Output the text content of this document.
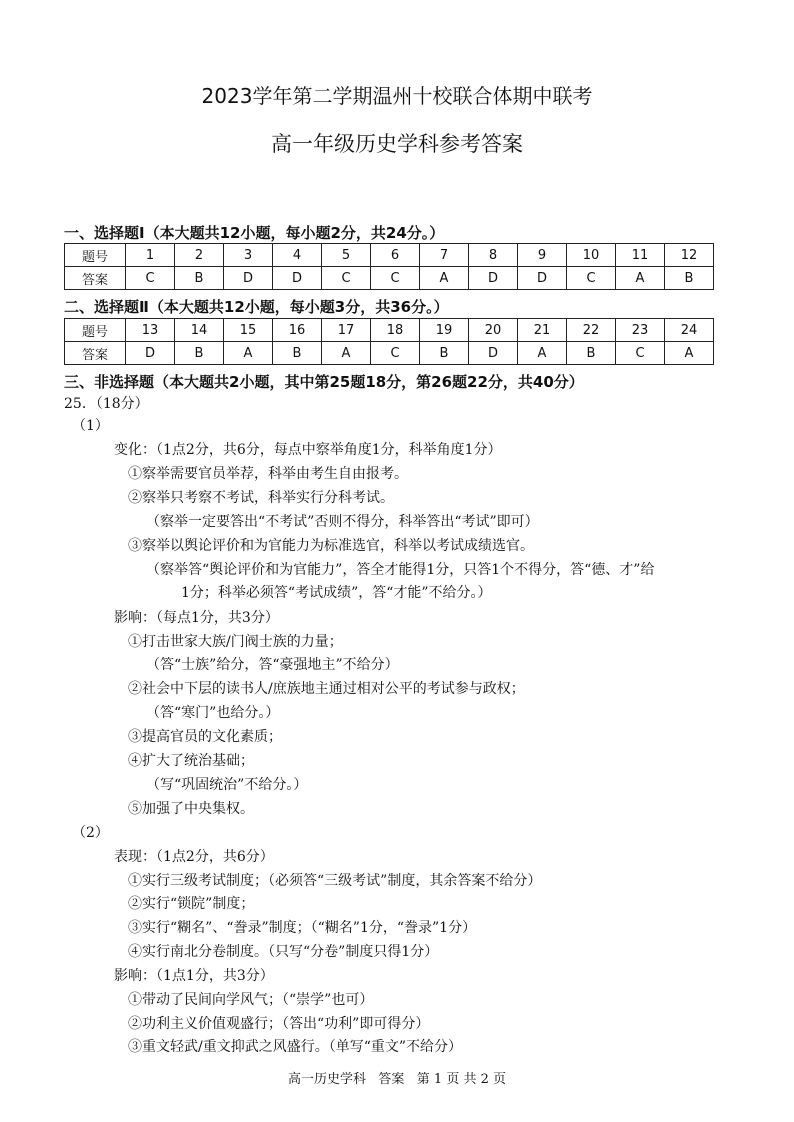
2023学年第二学期温州十校联合体期中联考
高一年级历史学科参考答案
一、选择题Ⅰ（本大题共12小题，每小题2分，共24分。）
题号	1	2	3	4	5	6	7	8	9	10	11	12
答案	C	B	D	D	C	C	A	D	D	C	A	B
二、选择题Ⅱ（本大题共12小题，每小题3分，共36分。）
题号	13	14	15	16	17	18	19	20	21	22	23	24
答案	D	B	A	B	A	C	B	D	A	B	C	A
三、非选择题（本大题共2小题，其中第25题18分，第26题22分，共40分）
25．（18分）
（1）
变化：（1点2分，共6分，每点中察举角度1分，科举角度1分）
①察举需要官员举荐，科举由考生自由报考。
②察举只考察不考试，科举实行分科考试。
（察举一定要答出“不考试”否则不得分，科举答出“考试”即可）
③察举以舆论评价和为官能力为标准选官，科举以考试成绩选官。
（察举答“舆论评价和为官能力”，答全才能得1分，只答1个不得分，答“德、才”给
1分；科举必须答“考试成绩”，答“才能”不给分。）
影响：（每点1分，共3分）
①打击世家大族/门阀士族的力量；
（答“士族”给分，答“豪强地主”不给分）
②社会中下层的读书人/庶族地主通过相对公平的考试参与政权；
（答“寒门”也给分。）
③提高官员的文化素质；
④扩大了统治基础；
（写“巩固统治”不给分。）
⑤加强了中央集权。
（2）
表现：（1点2分，共6分）
①实行三级考试制度；（必须答“三级考试”制度，其余答案不给分）
②实行“锁院”制度；
③实行“糊名”、“誊录”制度；（“糊名”1分，“誊录”1分）
④实行南北分卷制度。（只写“分卷”制度只得1分）
影响：（1点1分，共3分）
①带动了民间向学风气；（“崇学”也可）
②功利主义价值观盛行；（答出“功利”即可得分）
③重文轻武/重文抑武之风盛行。（单写“重文”不给分）
高一历史学科   答案   第 1 页 共 2 页
